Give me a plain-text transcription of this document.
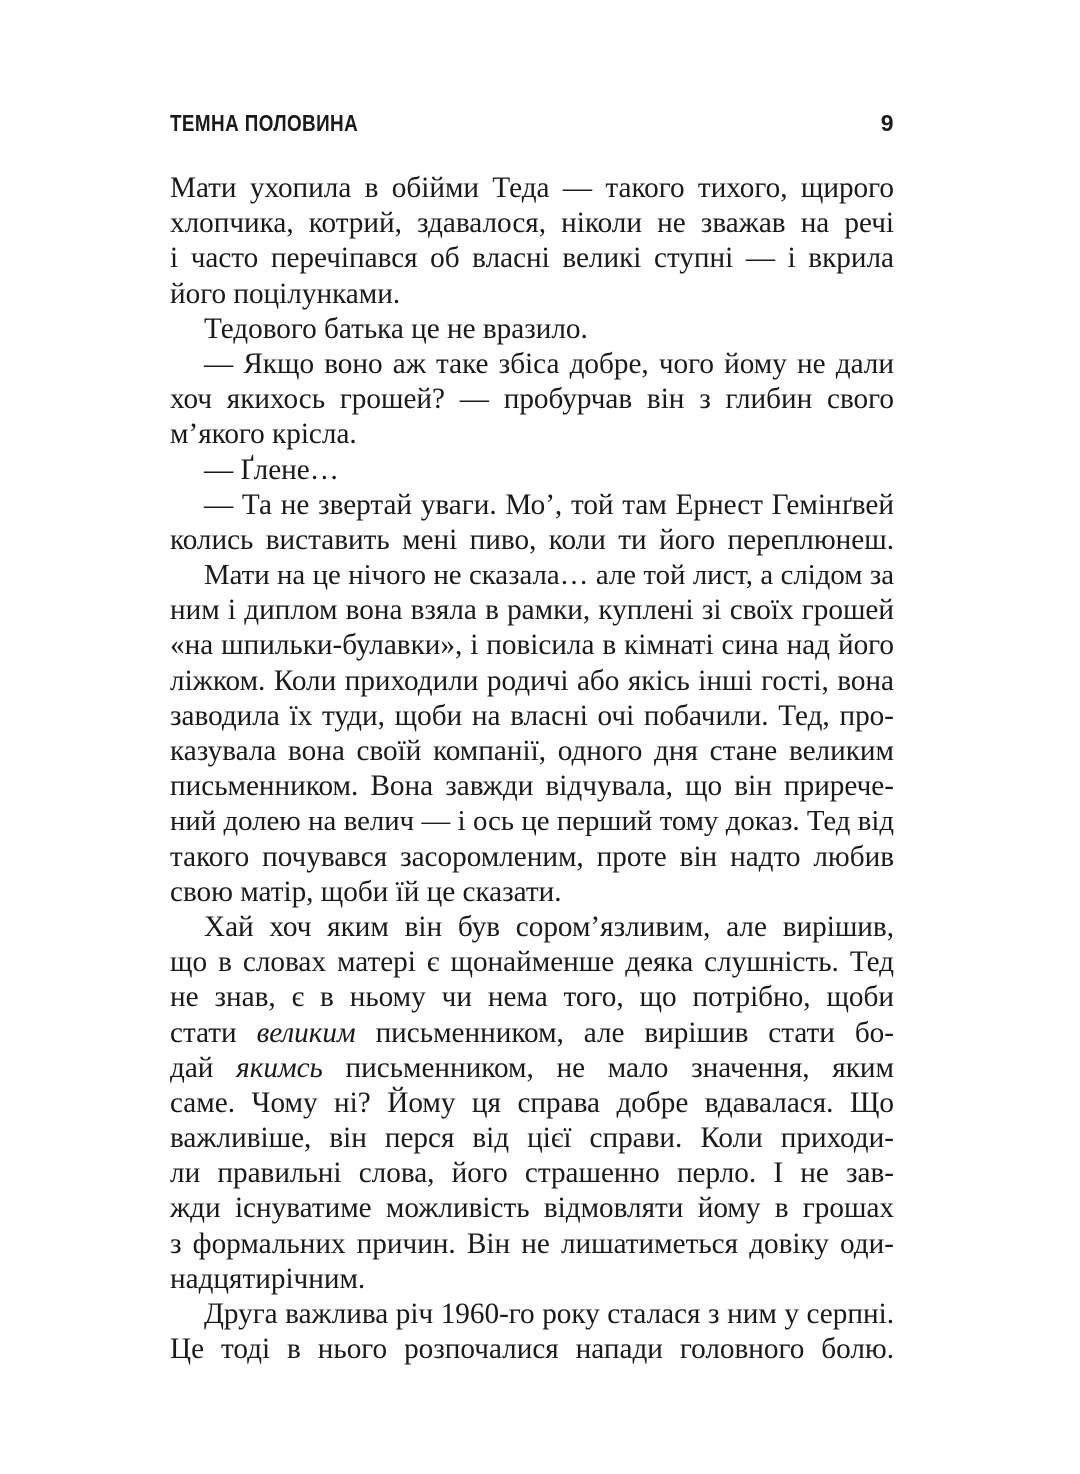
ТЕМНА ПОЛОВИНА	9
Мати ухопила в обійми Теда — такого тихого, щирого
хлопчика, котрий, здавалося, ніколи не зважав на речі
і часто перечіпався об власні великі ступні — і вкрила
його поцілунками.
Тедового батька це не вразило.
— Якщо воно аж таке збіса добре, чого йому не дали
хоч якихось грошей? — пробурчав він з глибин свого
м’якого крісла.
— Ґлене…
— Та не звертай уваги. Мо’, той там Ернест Гемінґвей
колись виставить мені пиво, коли ти його переплюнеш.
Мати на це нічого не сказала… але той лист, а слідом за
ним і диплом вона взяла в рамки, куплені зі своїх грошей
«на шпильки-булавки», і повісила в кімнаті сина над його
ліжком. Коли приходили родичі або якісь інші гості, вона
заводила їх туди, щоби на власні очі побачили. Тед, про-
казувала вона своїй компанії, одного дня стане великим
письменником. Вона завжди відчувала, що він приречe-
ний долею на велич — і ось це перший тому доказ. Тед від
такого почувався засоромленим, проте він надто любив
свою матір, щоби їй це сказати.
Хай хоч яким він був сором’язливим, але вирішив,
що в словах матері є щонайменше деяка слушність. Тед
не знав, є в ньому чи нема того, що потрібно, щоби
стати великим письменником, але вирішив стати бо-
дай якимсь письменником, не мало значення, яким
саме. Чому ні? Йому ця справа добре вдавалася. Що
важливіше, він перся від цієї справи. Коли приходи-
ли правильні слова, його страшенно перло. І не зав-
жди існуватиме можливість відмовляти йому в грошах
з формальних причин. Він не лишатиметься довіку оди-
надцятирічним.
Друга важлива річ 1960-го року сталася з ним у серпні.
Це тоді в нього розпочалися напади головного болю.
